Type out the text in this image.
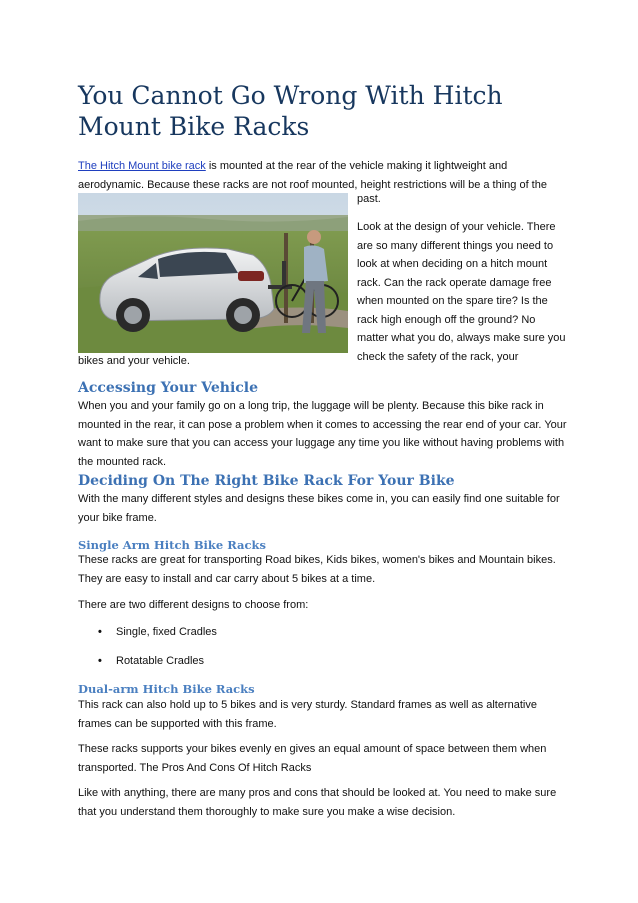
You Cannot Go Wrong With Hitch Mount Bike Racks

The Hitch Mount bike rack is mounted at the rear of the vehicle making it lightweight and
aerodynamic. Because these racks are not roof mounted, height restrictions will be a thing of the

past.

Look at the design of your vehicle. There are so many different things you need to look at when deciding on a hitch mount rack. Can the rack operate damage free when mounted on the spare tire? Is the rack high enough off the ground? No matter what you do, always make sure you check the safety of the rack, your

bikes and your vehicle.

Accessing Your Vehicle

When you and your family go on a long trip, the luggage will be plenty. Because this bike rack in mounted in the rear, it can pose a problem when it comes to accessing the rear end of your car. Your want to make sure that you can access your luggage any time you like without having problems with the mounted rack.

Deciding On The Right Bike Rack For Your Bike

With the many different styles and designs these bikes come in, you can easily find one suitable for your bike frame.

Single Arm Hitch Bike Racks

These racks are great for transporting Road bikes, Kids bikes, women's bikes and Mountain bikes. They are easy to install and car carry about 5 bikes at a time.

There are two different designs to choose from:

• Single, fixed Cradles
• Rotatable Cradles
Dual-arm Hitch Bike Racks

This rack can also hold up to 5 bikes and is very sturdy. Standard frames as well as alternative frames can be supported with this frame.

These racks supports your bikes evenly en gives an equal amount of space between them when transported. The Pros And Cons Of Hitch Racks

Like with anything, there are many pros and cons that should be looked at. You need to make sure that you understand them thoroughly to make sure you make a wise decision.
